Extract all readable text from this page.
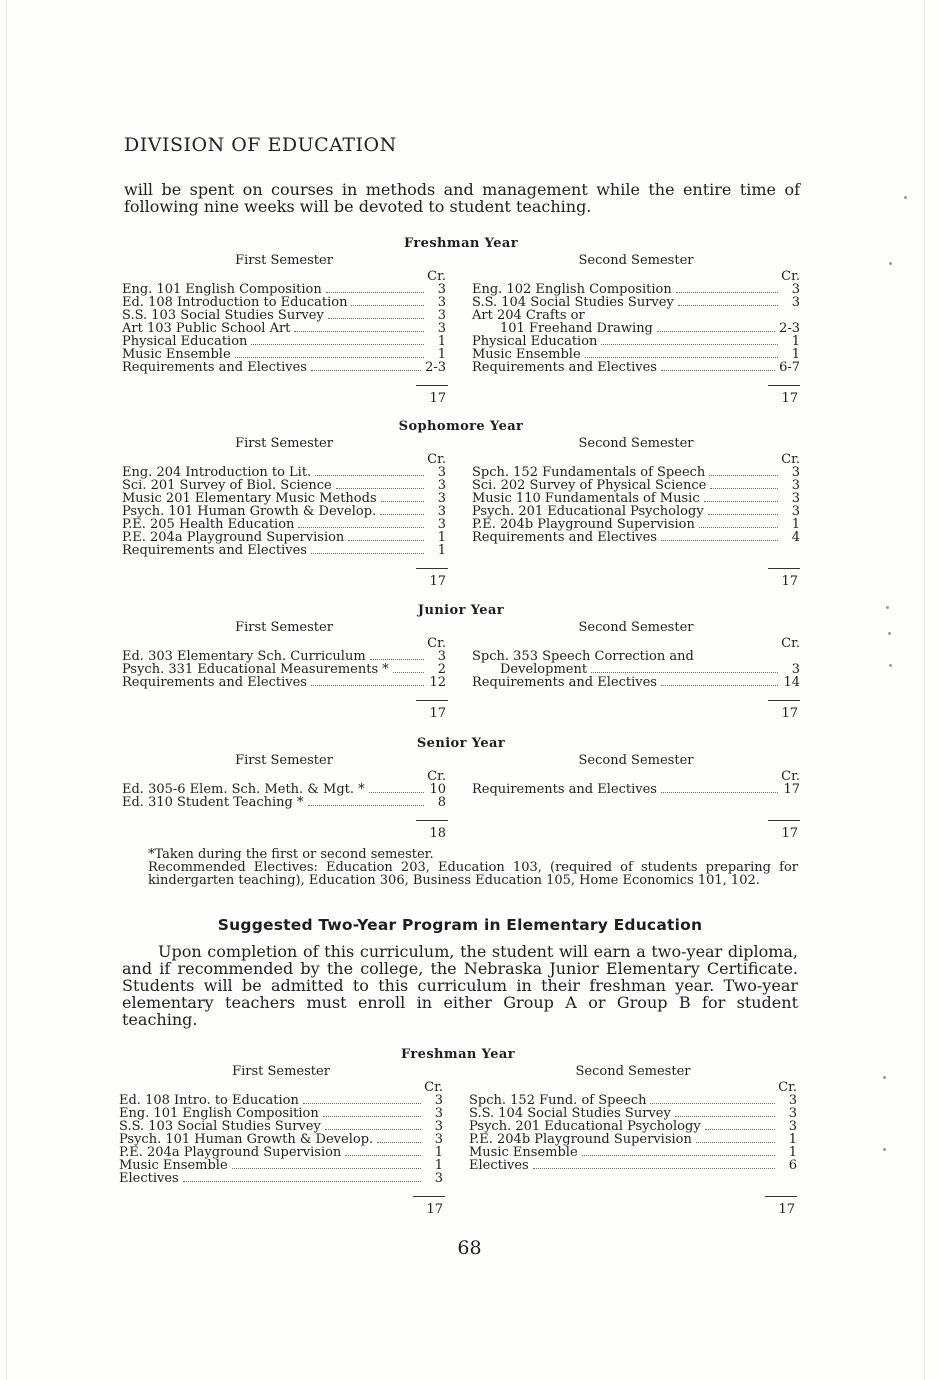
DIVISION OF EDUCATION

will be spent on courses in methods and management while the entire time of following nine weeks will be devoted to student teaching.

Freshman Year
First Semester
Cr.
Eng. 101 English Composition	3
Ed. 108 Introduction to Education	3
S.S. 103 Social Studies Survey	3
Art 103 Public School Art	3
Physical Education	1
Music Ensemble	1
Requirements and Electives	2-3
17
Second Semester
Cr.
Eng. 102 English Composition	3
S.S. 104 Social Studies Survey	3
Art 204 Crafts or
101 Freehand Drawing	2-3
Physical Education	1
Music Ensemble	1
Requirements and Electives	6-7
17
Sophomore Year
First Semester
Cr.
Eng. 204 Introduction to Lit.	3
Sci. 201 Survey of Biol. Science	3
Music 201 Elementary Music Methods	3
Psych. 101 Human Growth & Develop.	3
P.E. 205 Health Education	3
P.E. 204a Playground Supervision	1
Requirements and Electives	1
17
Second Semester
Cr.
Spch. 152 Fundamentals of Speech	3
Sci. 202 Survey of Physical Science	3
Music 110 Fundamentals of Music	3
Psych. 201 Educational Psychology	3
P.E. 204b Playground Supervision	1
Requirements and Electives	4
17
Junior Year
First Semester
Cr.
Ed. 303 Elementary Sch. Curriculum	3
Psych. 331 Educational Measurements *	2
Requirements and Electives	12
17
Second Semester
Cr.
Spch. 353 Speech Correction and
Development	3
Requirements and Electives	14
17
Senior Year
First Semester
Cr.
Ed. 305-6 Elem. Sch. Meth. & Mgt. *	10
Ed. 310 Student Teaching *	8
18
Second Semester
Cr.
Requirements and Electives	17
17

*Taken during the first or second semester.

Recommended Electives: Education 203, Education 103, (required of students preparing for kindergarten teaching), Education 306, Business Education 105, Home Economics 101, 102.

Suggested Two-Year Program in Elementary Education

Upon completion of this curriculum, the student will earn a two-year diploma, and if recommended by the college, the Nebraska Junior Elementary Certificate. Students will be admitted to this curriculum in their freshman year. Two-year elementary teachers must enroll in either Group A or Group B for student teaching.

Freshman Year
First Semester
Cr.
Ed. 108 Intro. to Education	3
Eng. 101 English Composition	3
S.S. 103 Social Studies Survey	3
Psych. 101 Human Growth & Develop.	3
P.E. 204a Playground Supervision	1
Music Ensemble	1
Electives	3
17
Second Semester
Cr.
Spch. 152 Fund. of Speech	3
S.S. 104 Social Studies Survey	3
Psych. 201 Educational Psychology	3
P.E. 204b Playground Supervision	1
Music Ensemble	1
Electives	6
17
68
